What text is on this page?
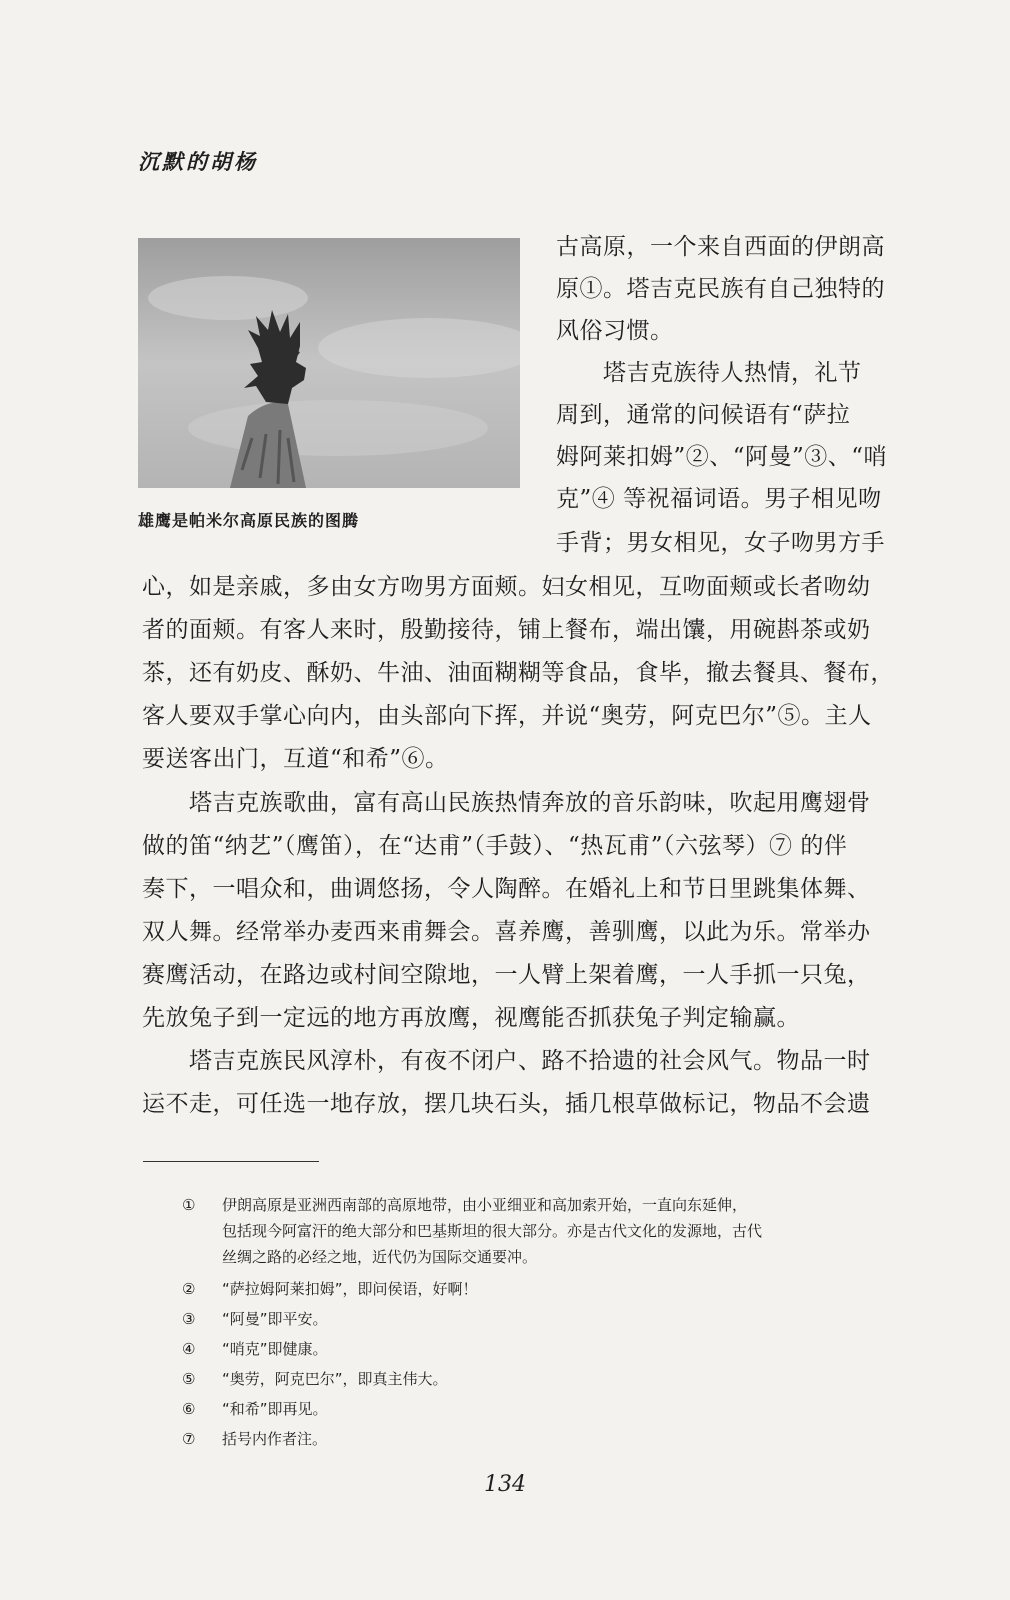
沉默的胡杨
雄鹰是帕米尔高原民族的图腾
古高原，一个来自西面的伊朗高
原①。塔吉克民族有自己独特的
风俗习惯。
　　塔吉克族待人热情，礼节
周到，通常的问候语有“萨拉
姆阿莱扣姆”②、“阿曼”③、“哨
克”④ 等祝福词语。男子相见吻
手背；男女相见，女子吻男方手
心，如是亲戚，多由女方吻男方面颊。妇女相见，互吻面颊或长者吻幼
者的面颊。有客人来时，殷勤接待，铺上餐布，端出馕，用碗斟茶或奶
茶，还有奶皮、酥奶、牛油、油面糊糊等食品，食毕，撤去餐具、餐布，
客人要双手掌心向内，由头部向下挥，并说“奥劳，阿克巴尔”⑤。主人
要送客出门，互道“和希”⑥。
　　塔吉克族歌曲，富有高山民族热情奔放的音乐韵味，吹起用鹰翅骨
做的笛“纳艺”（鹰笛），在“达甫”（手鼓）、“热瓦甫”（六弦琴）⑦ 的伴
奏下，一唱众和，曲调悠扬，令人陶醉。在婚礼上和节日里跳集体舞、
双人舞。经常举办麦西来甫舞会。喜养鹰，善驯鹰，以此为乐。常举办
赛鹰活动，在路边或村间空隙地，一人臂上架着鹰，一人手抓一只兔，
先放兔子到一定远的地方再放鹰，视鹰能否抓获兔子判定输赢。
　　塔吉克族民风淳朴，有夜不闭户、路不拾遗的社会风气。物品一时
运不走，可任选一地存放，摆几块石头，插几根草做标记，物品不会遗
① 伊朗高原是亚洲西南部的高原地带，由小亚细亚和高加索开始，一直向东延伸，
包括现今阿富汗的绝大部分和巴基斯坦的很大部分。亦是古代文化的发源地，古代
丝绸之路的必经之地，近代仍为国际交通要冲。
② “萨拉姆阿莱扣姆”，即问侯语，好啊！
③ “阿曼”即平安。
④ “哨克”即健康。
⑤ “奥劳，阿克巴尔”，即真主伟大。
⑥ “和希”即再见。
⑦ 括号内作者注。
134
